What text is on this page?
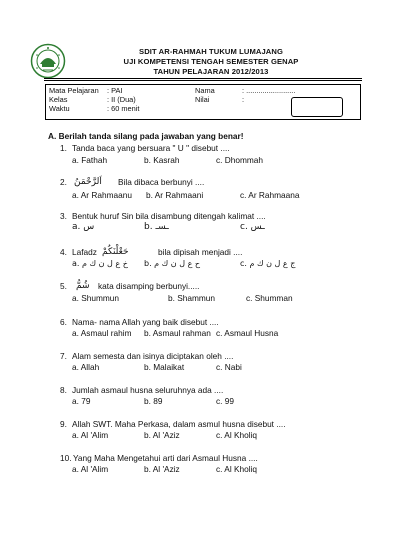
SDIT AR-RAHMAH TUKUM LUMAJANG
UJI KOMPETENSI TENGAH SEMESTER GENAP
TAHUN PELAJARAN 2012/2013
Mata Pelajaran : PAI	Nama	: ........................
Kelas	: II (Dua)	Nilai	:
Waktu	: 60 menit
A. Berilah tanda silang pada jawaban yang benar!
1. Tanda baca yang bersuara " U " disebut ....
a. Fathah	b. Kasrah	c. Dhommah
2. اَلرَّحْمَنُ Bila dibaca berbunyi ....
a. Ar Rahmaanu b. Ar Rahmaani	c. Ar Rahmaana
3. Bentuk huruf Sin bila disambung ditengah kalimat ....
a. س	b. ـسـ	c. ـس
4. Lafadz حَعْلْنَكُمْ	bila dipisah menjadi ....
a. خ ع ل ن ك م b. ح ع ل ن ك م	c. ج ع ل ن ك م
5. شُمُّ kata disamping berbunyi.....
a. Shummun	b. Shammun	c. Shumman
6. Nama- nama Allah yang baik disebut ....
a. Asmaul rahim b. Asmaul rahman c. Asmaul Husna
7. Alam semesta dan isinya diciptakan oleh ....
a. Allah	b. Malaikat	c. Nabi
8. Jumlah asmaul husna seluruhnya ada ....
a. 79	b. 89	c. 99
9. Allah SWT. Maha Perkasa, dalam asmul husna disebut ....
a. Al 'Alim	b. Al 'Aziz	c. Al Kholiq
10. Yang Maha Mengetahui arti dari Asmaul Husna ....
a. Al 'Alim	b. Al 'Aziz	c. Al Kholiq
